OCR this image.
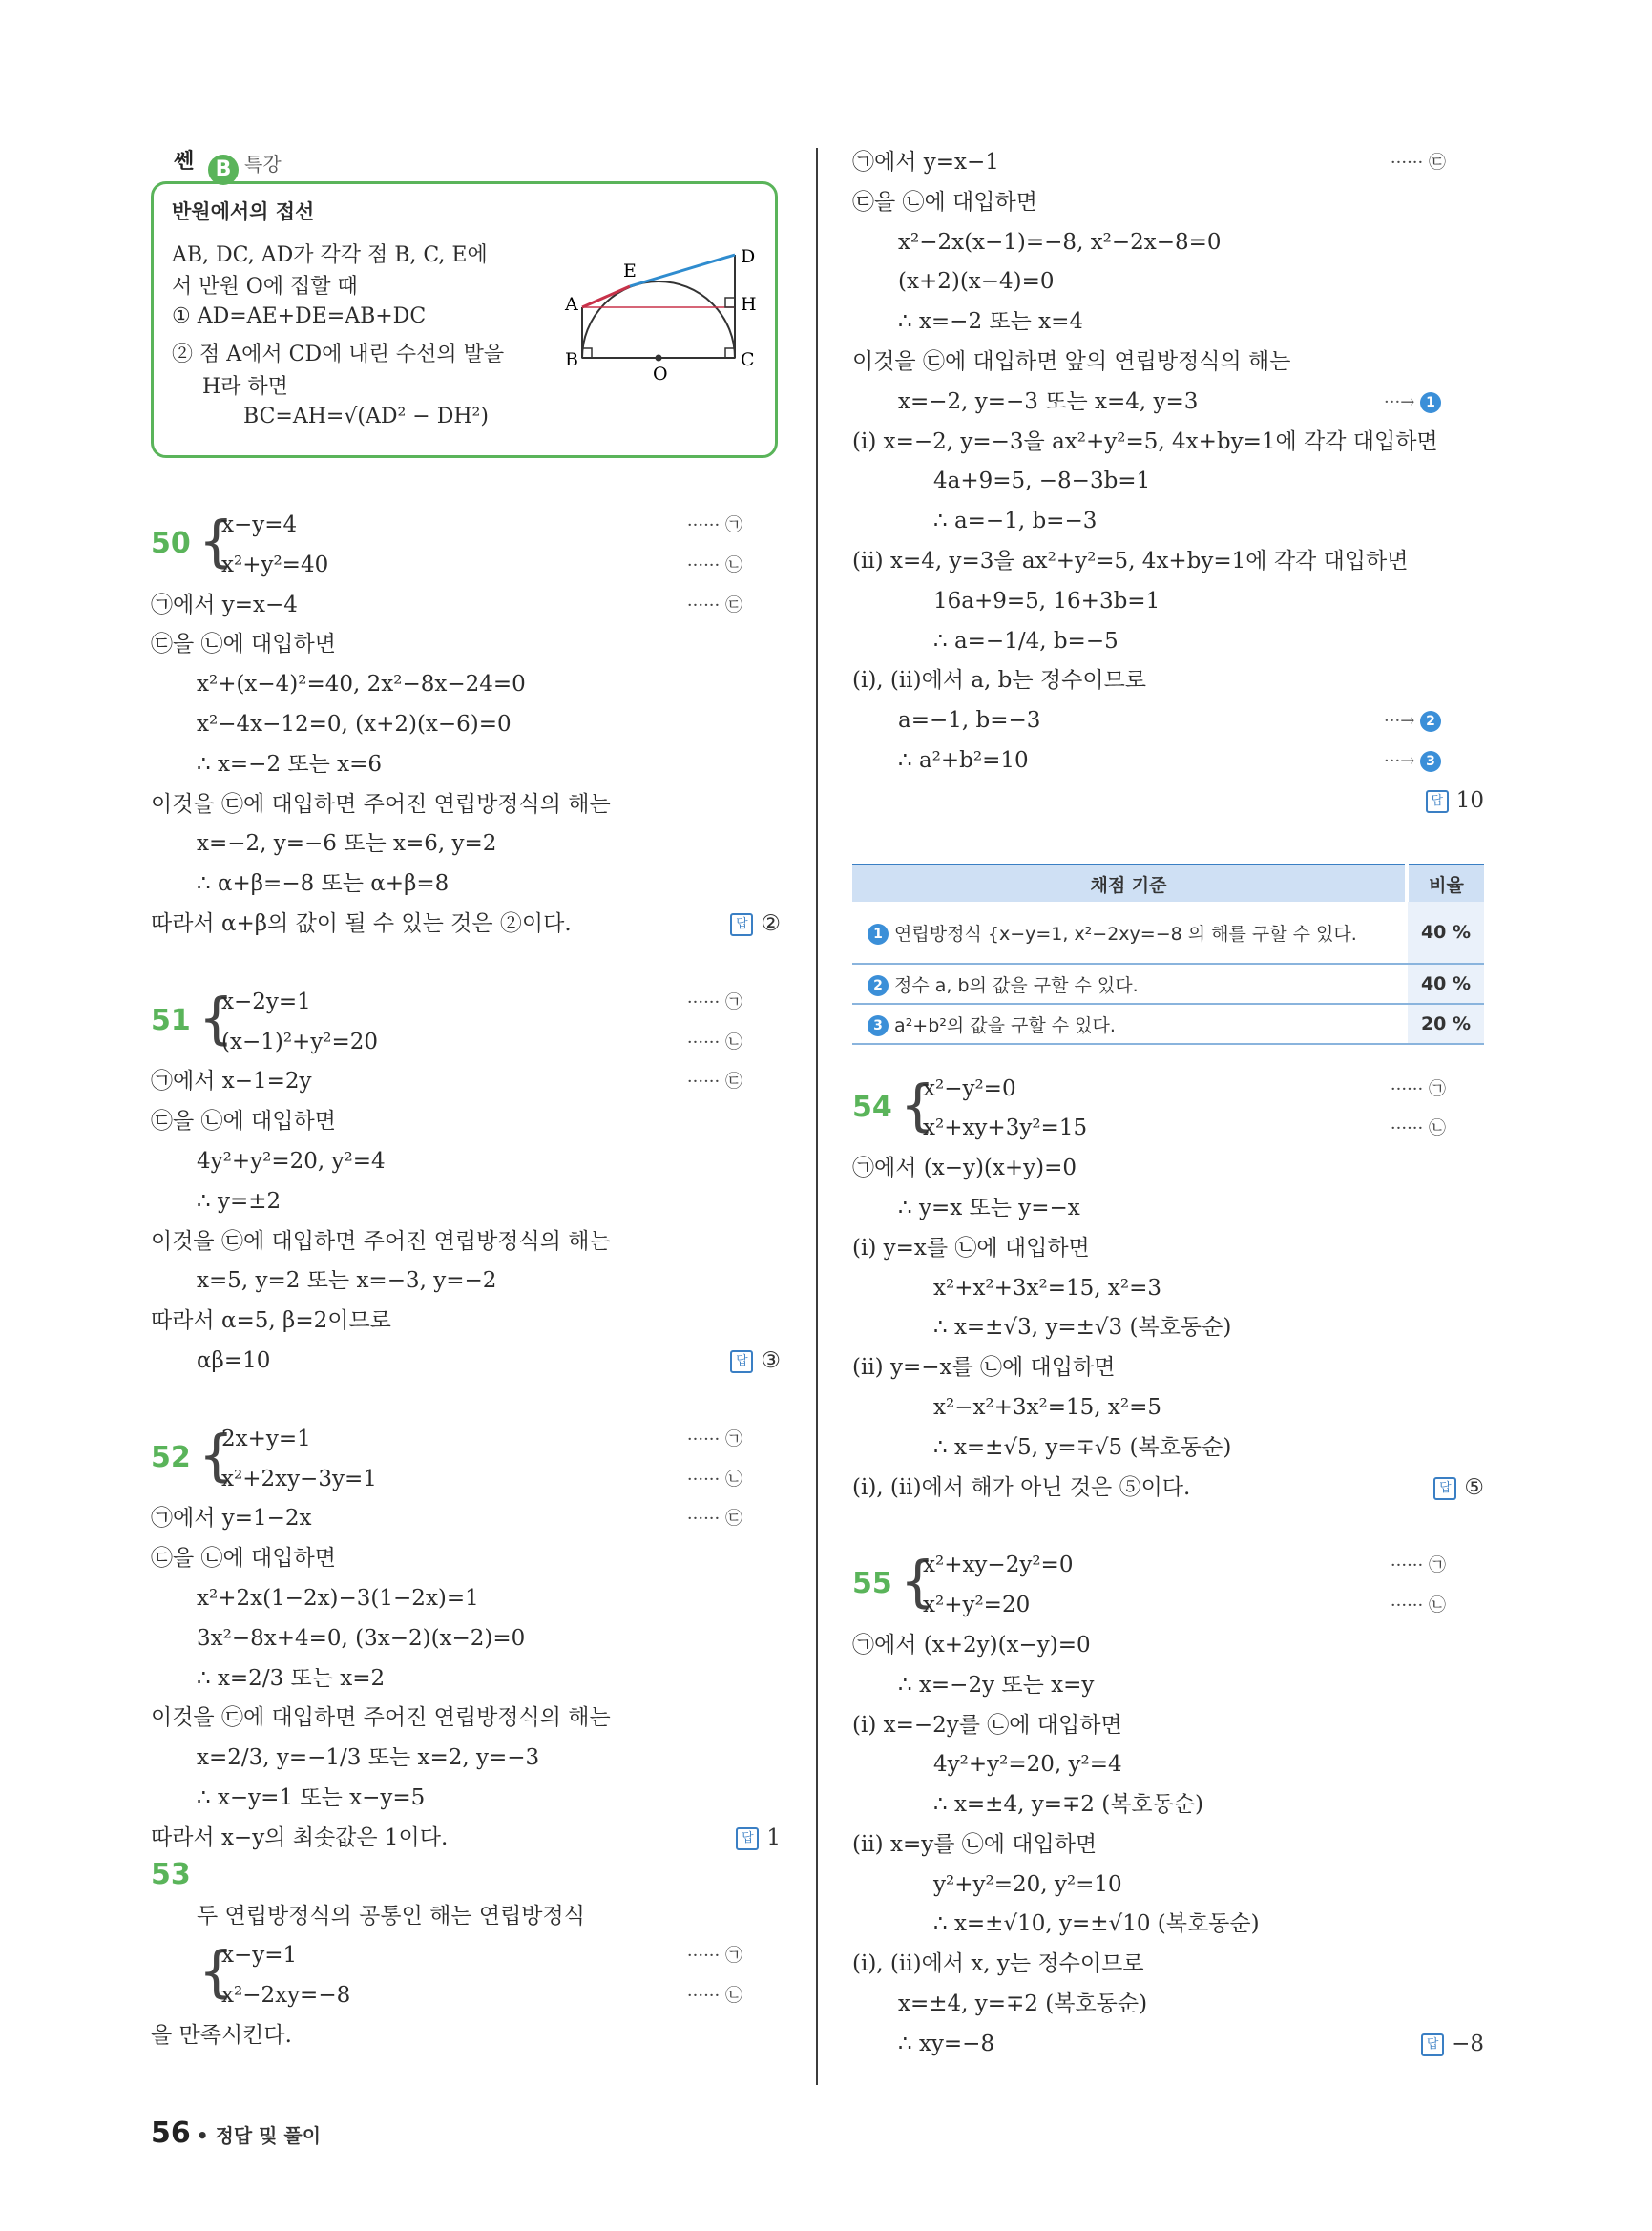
쎈	B 특강
반원에서의 접선
AB, DC, AD가 각각 점 B, C, E에
서 반원 O에 접할 때
① AD=AE+DE=AB+DC
② 점 A에서 CD에 내린 수선의 발을
H라 하면
BC=AH=√(AD² − DH²)
A
B	C
D
E
H
O
50 {
x−y=4	······ ㉠
x²+y²=40	······ ㉡
㉠에서 y=x−4	······ ㉢
㉢을 ㉡에 대입하면
x²+(x−4)²=40, 2x²−8x−24=0
x²−4x−12=0, (x+2)(x−6)=0
∴ x=−2 또는 x=6
이것을 ㉢에 대입하면 주어진 연립방정식의 해는
x=−2, y=−6 또는 x=6, y=2
∴ α+β=−8 또는 α+β=8
따라서 α+β의 값이 될 수 있는 것은 ②이다.	답 ②
51 {
x−2y=1	······ ㉠
(x−1)²+y²=20	······ ㉡
㉠에서 x−1=2y	······ ㉢
㉢을 ㉡에 대입하면
4y²+y²=20, y²=4
∴ y=±2
이것을 ㉢에 대입하면 주어진 연립방정식의 해는
x=5, y=2 또는 x=−3, y=−2
따라서 α=5, β=2이므로
αβ=10	답 ③
52 {
2x+y=1	······ ㉠
x²+2xy−3y=1	······ ㉡
㉠에서 y=1−2x	······ ㉢
㉢을 ㉡에 대입하면
x²+2x(1−2x)−3(1−2x)=1
3x²−8x+4=0, (3x−2)(x−2)=0
∴ x=2/3 또는 x=2
이것을 ㉢에 대입하면 주어진 연립방정식의 해는
x=2/3, y=−1/3 또는 x=2, y=−3
∴ x−y=1 또는 x−y=5
따라서 x−y의 최솟값은 1이다.	답 1
53
두 연립방정식의 공통인 해는 연립방정식
{
x−y=1	······ ㉠
x²−2xy=−8	······ ㉡
을 만족시킨다.
㉠에서 y=x−1	······ ㉢
㉢을 ㉡에 대입하면
x²−2x(x−1)=−8, x²−2x−8=0
(x+2)(x−4)=0
∴ x=−2 또는 x=4
이것을 ㉢에 대입하면 앞의 연립방정식의 해는
x=−2, y=−3 또는 x=4, y=3	···→ 1
(ⅰ) x=−2, y=−3을 ax²+y²=5, 4x+by=1에 각각 대입하면
4a+9=5, −8−3b=1
∴ a=−1, b=−3
(ⅱ) x=4, y=3을 ax²+y²=5, 4x+by=1에 각각 대입하면
16a+9=5, 16+3b=1
∴ a=−1/4, b=−5
(ⅰ), (ⅱ)에서 a, b는 정수이므로
a=−1, b=−3	···→ 2
∴ a²+b²=10	···→ 3
답 10
54 {
x²−y²=0	······ ㉠
x²+xy+3y²=15	······ ㉡
㉠에서 (x−y)(x+y)=0
∴ y=x 또는 y=−x
(ⅰ) y=x를 ㉡에 대입하면
x²+x²+3x²=15, x²=3
∴ x=±√3, y=±√3 (복호동순)
(ⅱ) y=−x를 ㉡에 대입하면
x²−x²+3x²=15, x²=5
∴ x=±√5, y=∓√5 (복호동순)
(ⅰ), (ⅱ)에서 해가 아닌 것은 ⑤이다.	답 ⑤
55 {
x²+xy−2y²=0	······ ㉠
x²+y²=20	······ ㉡
㉠에서 (x+2y)(x−y)=0
∴ x=−2y 또는 x=y
(ⅰ) x=−2y를 ㉡에 대입하면
4y²+y²=20, y²=4
∴ x=±4, y=∓2 (복호동순)
(ⅱ) x=y를 ㉡에 대입하면
y²+y²=20, y²=10
∴ x=±√10, y=±√10 (복호동순)
(ⅰ), (ⅱ)에서 x, y는 정수이므로
x=±4, y=∓2 (복호동순)
∴ xy=−8	답 −8
채점 기준	비율
1 연립방정식 {x−y=1, x²−2xy=−8 의 해를 구할 수 있다.	40 %
2 정수 a, b의 값을 구할 수 있다.	40 %
3 a²+b²의 값을 구할 수 있다.	20 %
56 • 정답 및 풀이
